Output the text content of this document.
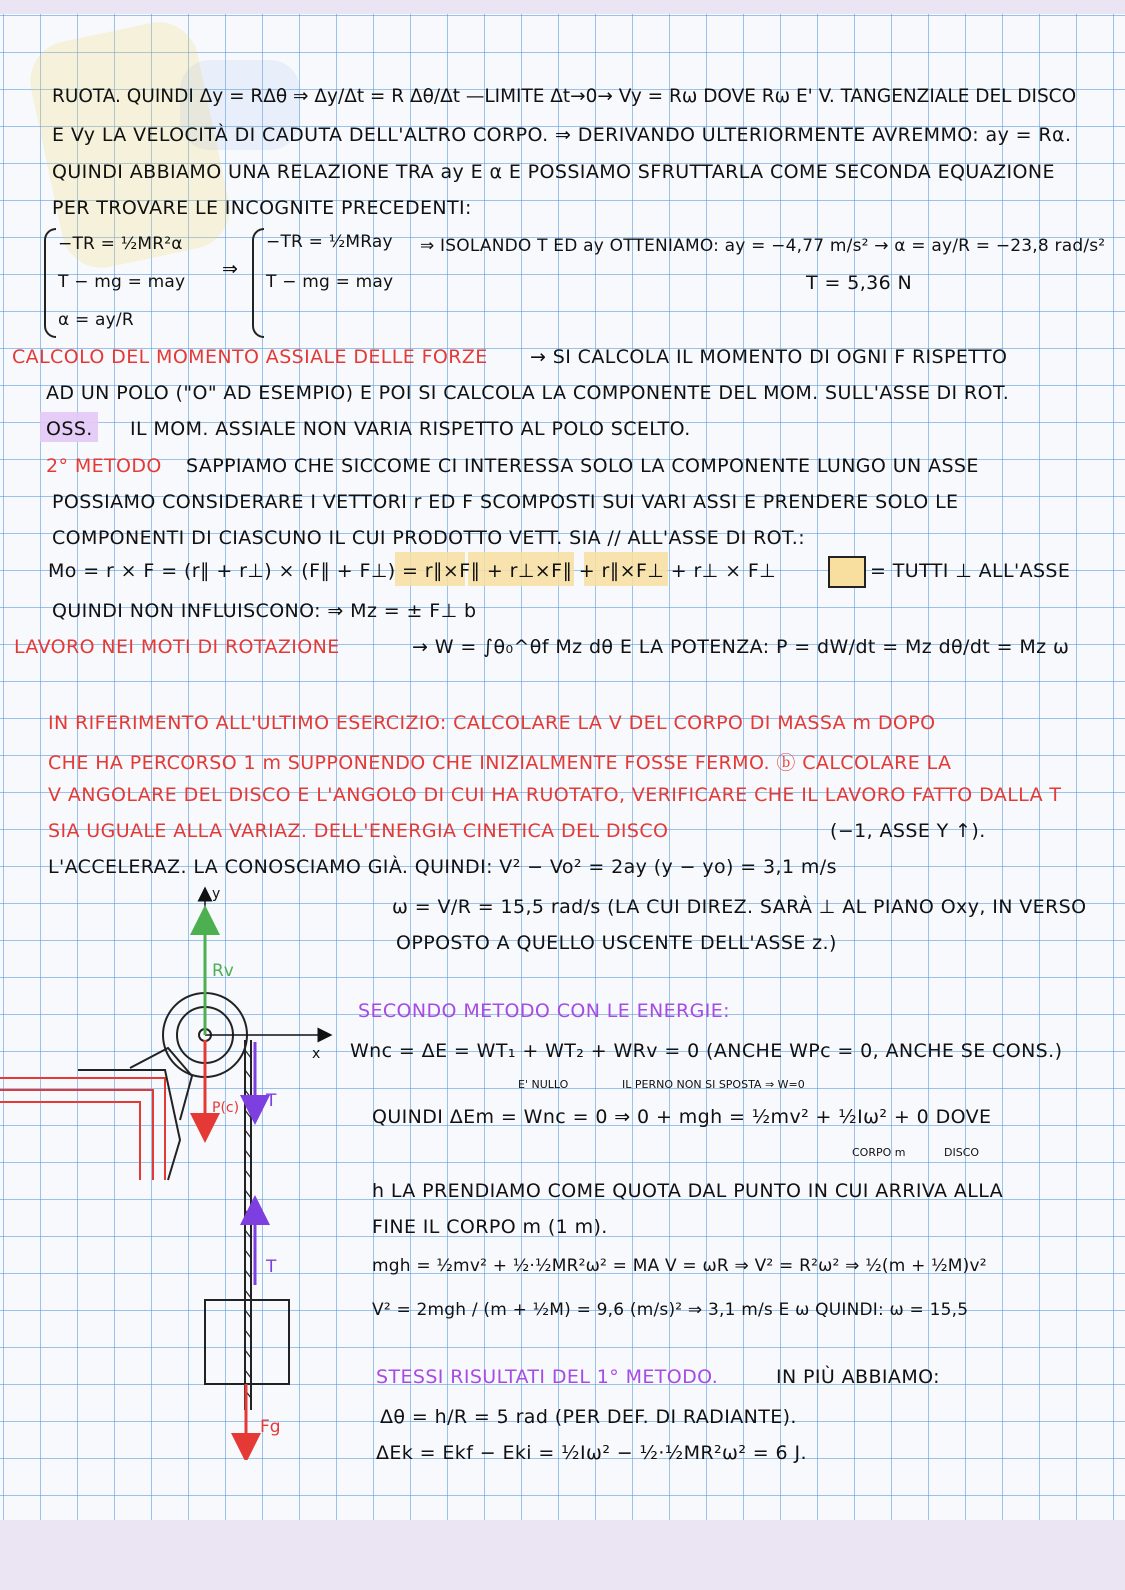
RUOTA. QUINDI Δy = RΔθ ⇒ Δy/Δt = R Δθ/Δt —LIMITE Δt→0→ Vy = Rω DOVE Rω E' V. TANGENZIALE DEL DISCO

E Vy LA VELOCITÀ DI CADUTA DELL'ALTRO CORPO. ⇒ DERIVANDO ULTERIORMENTE AVREMMO: ay = Rα.

QUINDI ABBIAMO UNA RELAZIONE TRA ay E α E POSSIAMO SFRUTTARLA COME SECONDA EQUAZIONE

PER TROVARE LE INCOGNITE PRECEDENTI:

−TR = ½MR²α

T − mg = may

α = ay/R

⇒

−TR = ½MRay

T − mg = may

⇒ ISOLANDO T ED ay OTTENIAMO: ay = −4,77 m/s² → α = ay/R = −23,8 rad/s²

T = 5,36 N

CALCOLO DEL MOMENTO ASSIALE DELLE FORZE → SI CALCOLA IL MOMENTO DI OGNI F RISPETTO

AD UN POLO ("O" AD ESEMPIO) E POI SI CALCOLA LA COMPONENTE DEL MOM. SULL'ASSE DI ROT.

OSS. IL MOM. ASSIALE NON VARIA RISPETTO AL POLO SCELTO.

2° METODO SAPPIAMO CHE SICCOME CI INTERESSA SOLO LA COMPONENTE LUNGO UN ASSE

POSSIAMO CONSIDERARE I VETTORI r ED F SCOMPOSTI SUI VARI ASSI E PRENDERE SOLO LE

COMPONENTI DI CIASCUNO IL CUI PRODOTTO VETT. SIA // ALL'ASSE DI ROT.:

Mo = r × F = (r∥ + r⊥) × (F∥ + F⊥) = r∥×F∥ + r⊥×F∥ + r∥×F⊥ + r⊥ × F⊥	= TUTTI ⊥ ALL'ASSE

QUINDI NON INFLUISCONO: ⇒ Mz = ± F⊥ b

LAVORO NEI MOTI DI ROTAZIONE	→ W = ∫θ₀^θf Mz dθ E LA POTENZA: P = dW/dt = Mz dθ/dt = Mz ω

IN RIFERIMENTO ALL'ULTIMO ESERCIZIO: CALCOLARE LA V DEL CORPO DI MASSA m DOPO

CHE HA PERCORSO 1 m SUPPONENDO CHE INIZIALMENTE FOSSE FERMO. ⓑ CALCOLARE LA

V ANGOLARE DEL DISCO E L'ANGOLO DI CUI HA RUOTATO, VERIFICARE CHE IL LAVORO FATTO DALLA T

SIA UGUALE ALLA VARIAZ. DELL'ENERGIA CINETICA DEL DISCO	(−1, ASSE Y ↑).

L'ACCELERAZ. LA CONOSCIAMO GIÀ. QUINDI: V² − Vo² = 2ay (y − yo) = 3,1 m/s

ω = V/R = 15,5 rad/s (LA CUI DIREZ. SARÀ ⊥ AL PIANO Oxy, IN VERSO

OPPOSTO A QUELLO USCENTE DELL'ASSE z.)

SECONDO METODO CON LE ENERGIE:

Wnc = ΔE = WT₁ + WT₂ + WRv = 0 (ANCHE WPc = 0, ANCHE SE CONS.)

E' NULLO	IL PERNO NON SI SPOSTA ⇒ W=0

QUINDI ΔEm = Wnc = 0 ⇒ 0 + mgh = ½mv² + ½Iω² + 0 DOVE

CORPO m	DISCO

h LA PRENDIAMO COME QUOTA DAL PUNTO IN CUI ARRIVA ALLA

FINE IL CORPO m (1 m).

mgh = ½mv² + ½·½MR²ω² = MA V = ωR ⇒ V² = R²ω² ⇒ ½(m + ½M)v²

V² = 2mgh / (m + ½M) = 9,6 (m/s)² ⇒ 3,1 m/s E ω QUINDI: ω = 15,5

STESSI RISULTATI DEL 1° METODO.	IN PIÙ ABBIAMO:

Δθ = h/R = 5 rad (PER DEF. DI RADIANTE).

ΔEk = Ekf − Eki = ½Iω² − ½·½MR²ω² = 6 J.

y
x
Rv
P(c) T
T
Fg
